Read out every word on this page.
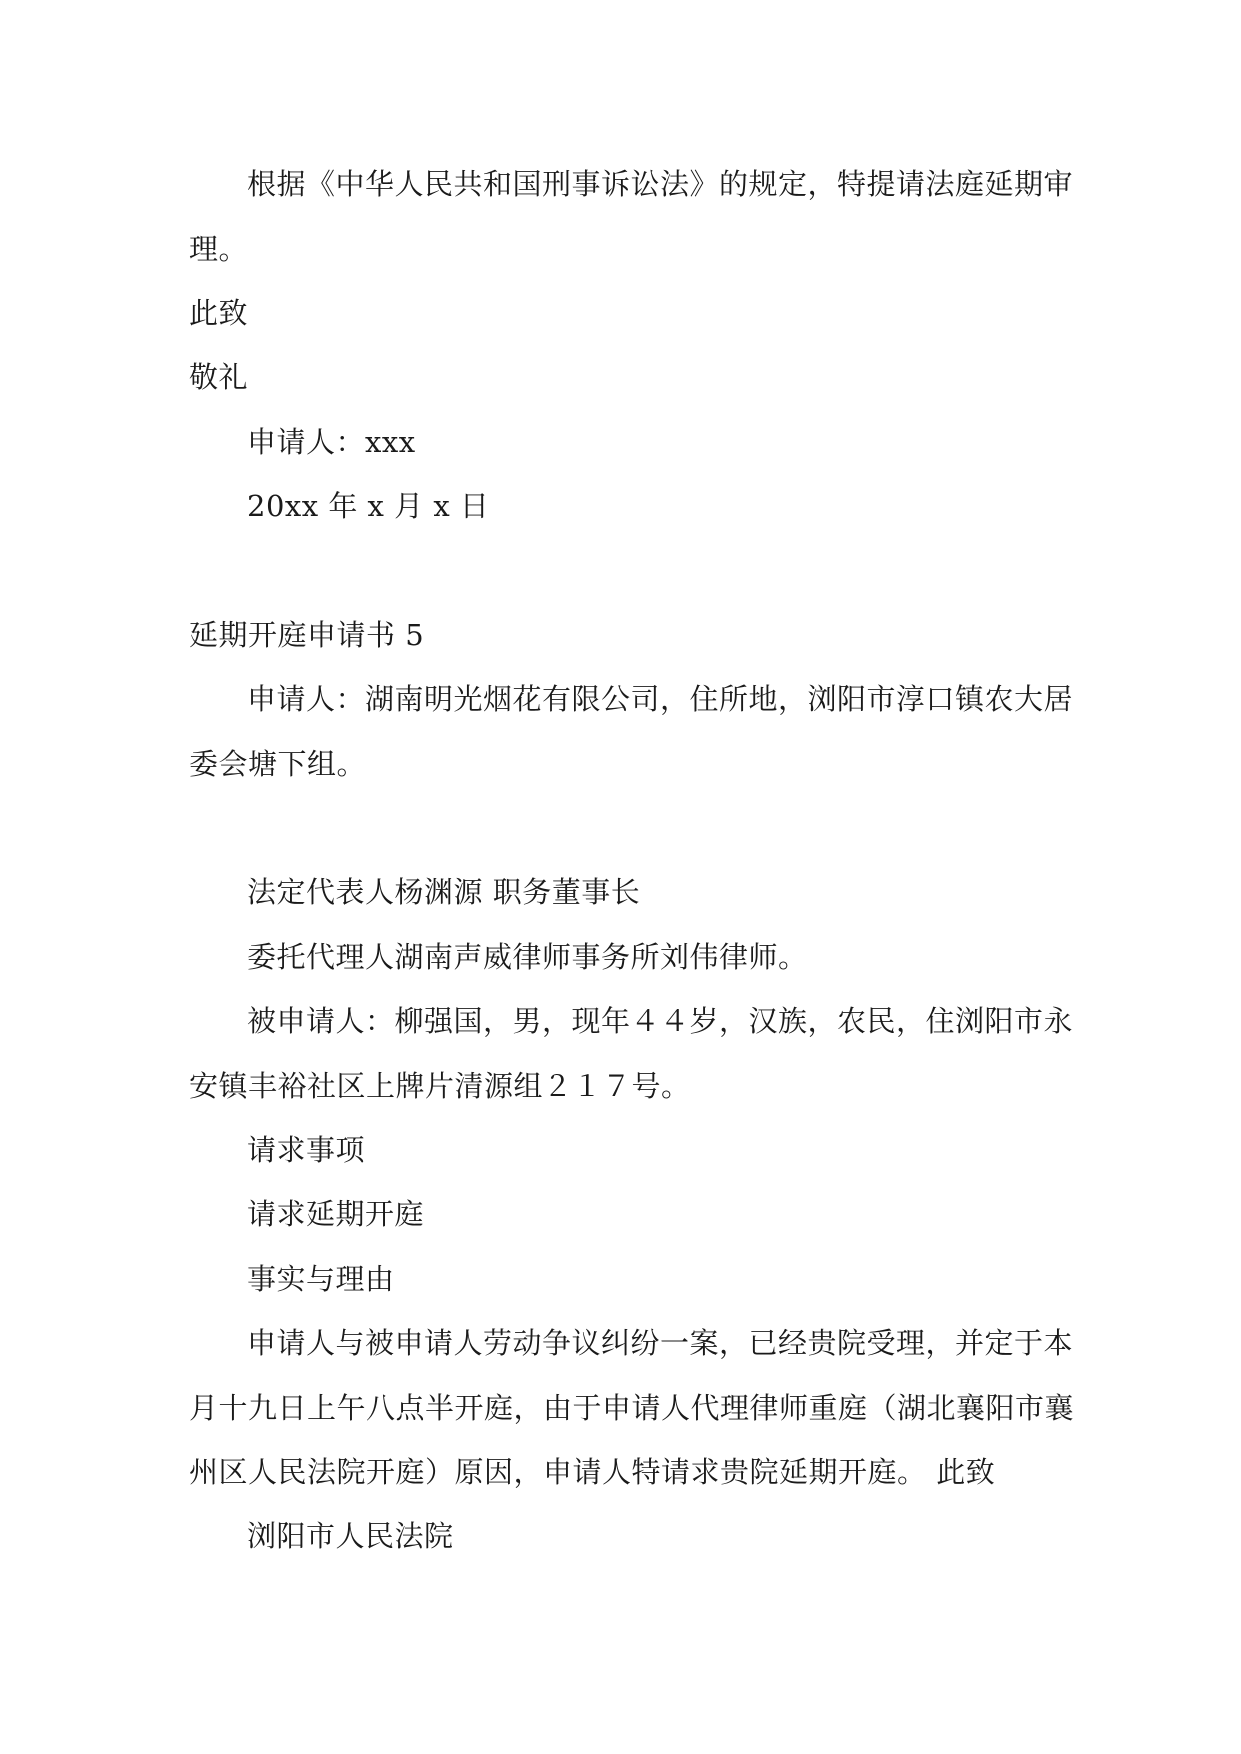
根据《中华人民共和国刑事诉讼法》的规定，特提请法庭延期审
理。
此致
敬礼
申请人：xxx
20xx 年 x 月 x 日
延期开庭申请书 5
申请人：湖南明光烟花有限公司，住所地，浏阳市淳口镇农大居
委会塘下组。
法定代表人杨渊源 职务董事长
委托代理人湖南声威律师事务所刘伟律师。
被申请人：柳强国，男，现年４４岁，汉族，农民，住浏阳市永
安镇丰裕社区上牌片清源组２１７号。
请求事项
请求延期开庭
事实与理由
申请人与被申请人劳动争议纠纷一案，已经贵院受理，并定于本
月十九日上午八点半开庭，由于申请人代理律师重庭（湖北襄阳市襄
州区人民法院开庭）原因，申请人特请求贵院延期开庭。 此致
浏阳市人民法院
